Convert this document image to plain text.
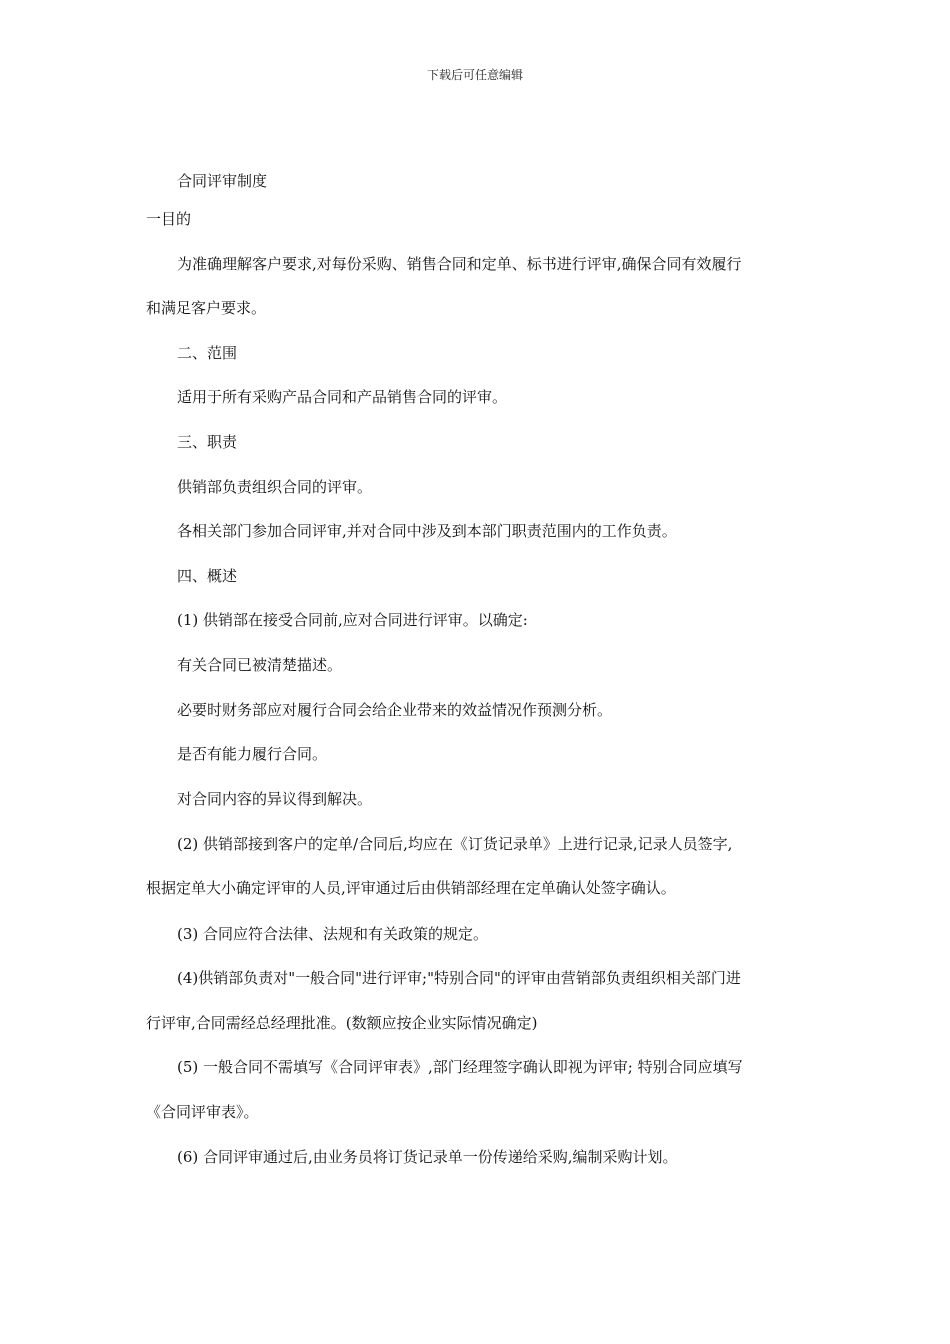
下载后可任意编辑
合同评审制度
一目的
为准确理解客户要求,对每份采购、销售合同和定单、标书进行评审,确保合同有效履行
和满足客户要求。
二、范围
适用于所有采购产品合同和产品销售合同的评审。
三、职责
供销部负责组织合同的评审。
各相关部门参加合同评审,并对合同中涉及到本部门职责范围内的工作负责。
四、概述
(1) 供销部在接受合同前,应对合同进行评审。以确定:
有关合同已被清楚描述。
必要时财务部应对履行合同会给企业带来的效益情况作预测分析。
是否有能力履行合同。
对合同内容的异议得到解决。
(2) 供销部接到客户的定单/合同后,均应在《订货记录单》上进行记录,记录人员签字,
根据定单大小确定评审的人员,评审通过后由供销部经理在定单确认处签字确认。
(3) 合同应符合法律、法规和有关政策的规定。
(4)供销部负责对"一般合同"进行评审;"特别合同"的评审由营销部负责组织相关部门进
行评审,合同需经总经理批准。(数额应按企业实际情况确定)
(5) 一般合同不需填写《合同评审表》,部门经理签字确认即视为评审; 特别合同应填写
《合同评审表》。
(6) 合同评审通过后,由业务员将订货记录单一份传递给采购,编制采购计划。
